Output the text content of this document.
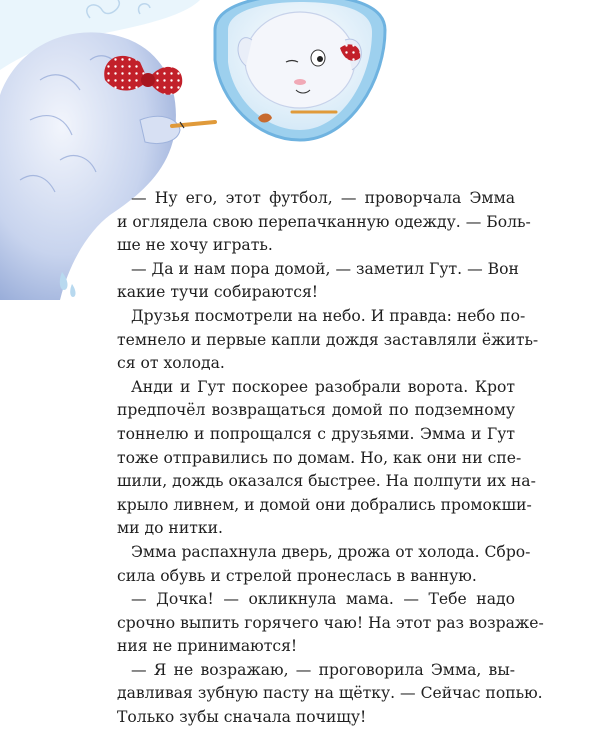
— Ну его, этот футбол, — проворчала Эмма
и оглядела свою перепачканную одежду. — Боль-
ше не хочу играть.
— Да и нам пора домой, — заметил Гут. — Вон
какие тучи собираются!
Друзья посмотрели на небо. И правда: небо по-
темнело и первые капли дождя заставляли ёжить-
ся от холода.
Анди и Гут поскорее разобрали ворота. Крот
предпочёл возвращаться домой по подземному
тоннелю и попрощался с друзьями. Эмма и Гут
тоже отправились по домам. Но, как они ни спе-
шили, дождь оказался быстрее. На полпути их на-
крыло ливнем, и домой они добрались промокши-
ми до нитки.
Эмма распахнула дверь, дрожа от холода. Сбро-
сила обувь и стрелой пронеслась в ванную.
— Дочка! — окликнула мама. — Тебе надо
срочно выпить горячего чаю! На этот раз возраже-
ния не принимаются!
— Я не возражаю, — проговорила Эмма, вы-
давливая зубную пасту на щётку. — Сейчас попью.
Только зубы сначала почищу!
